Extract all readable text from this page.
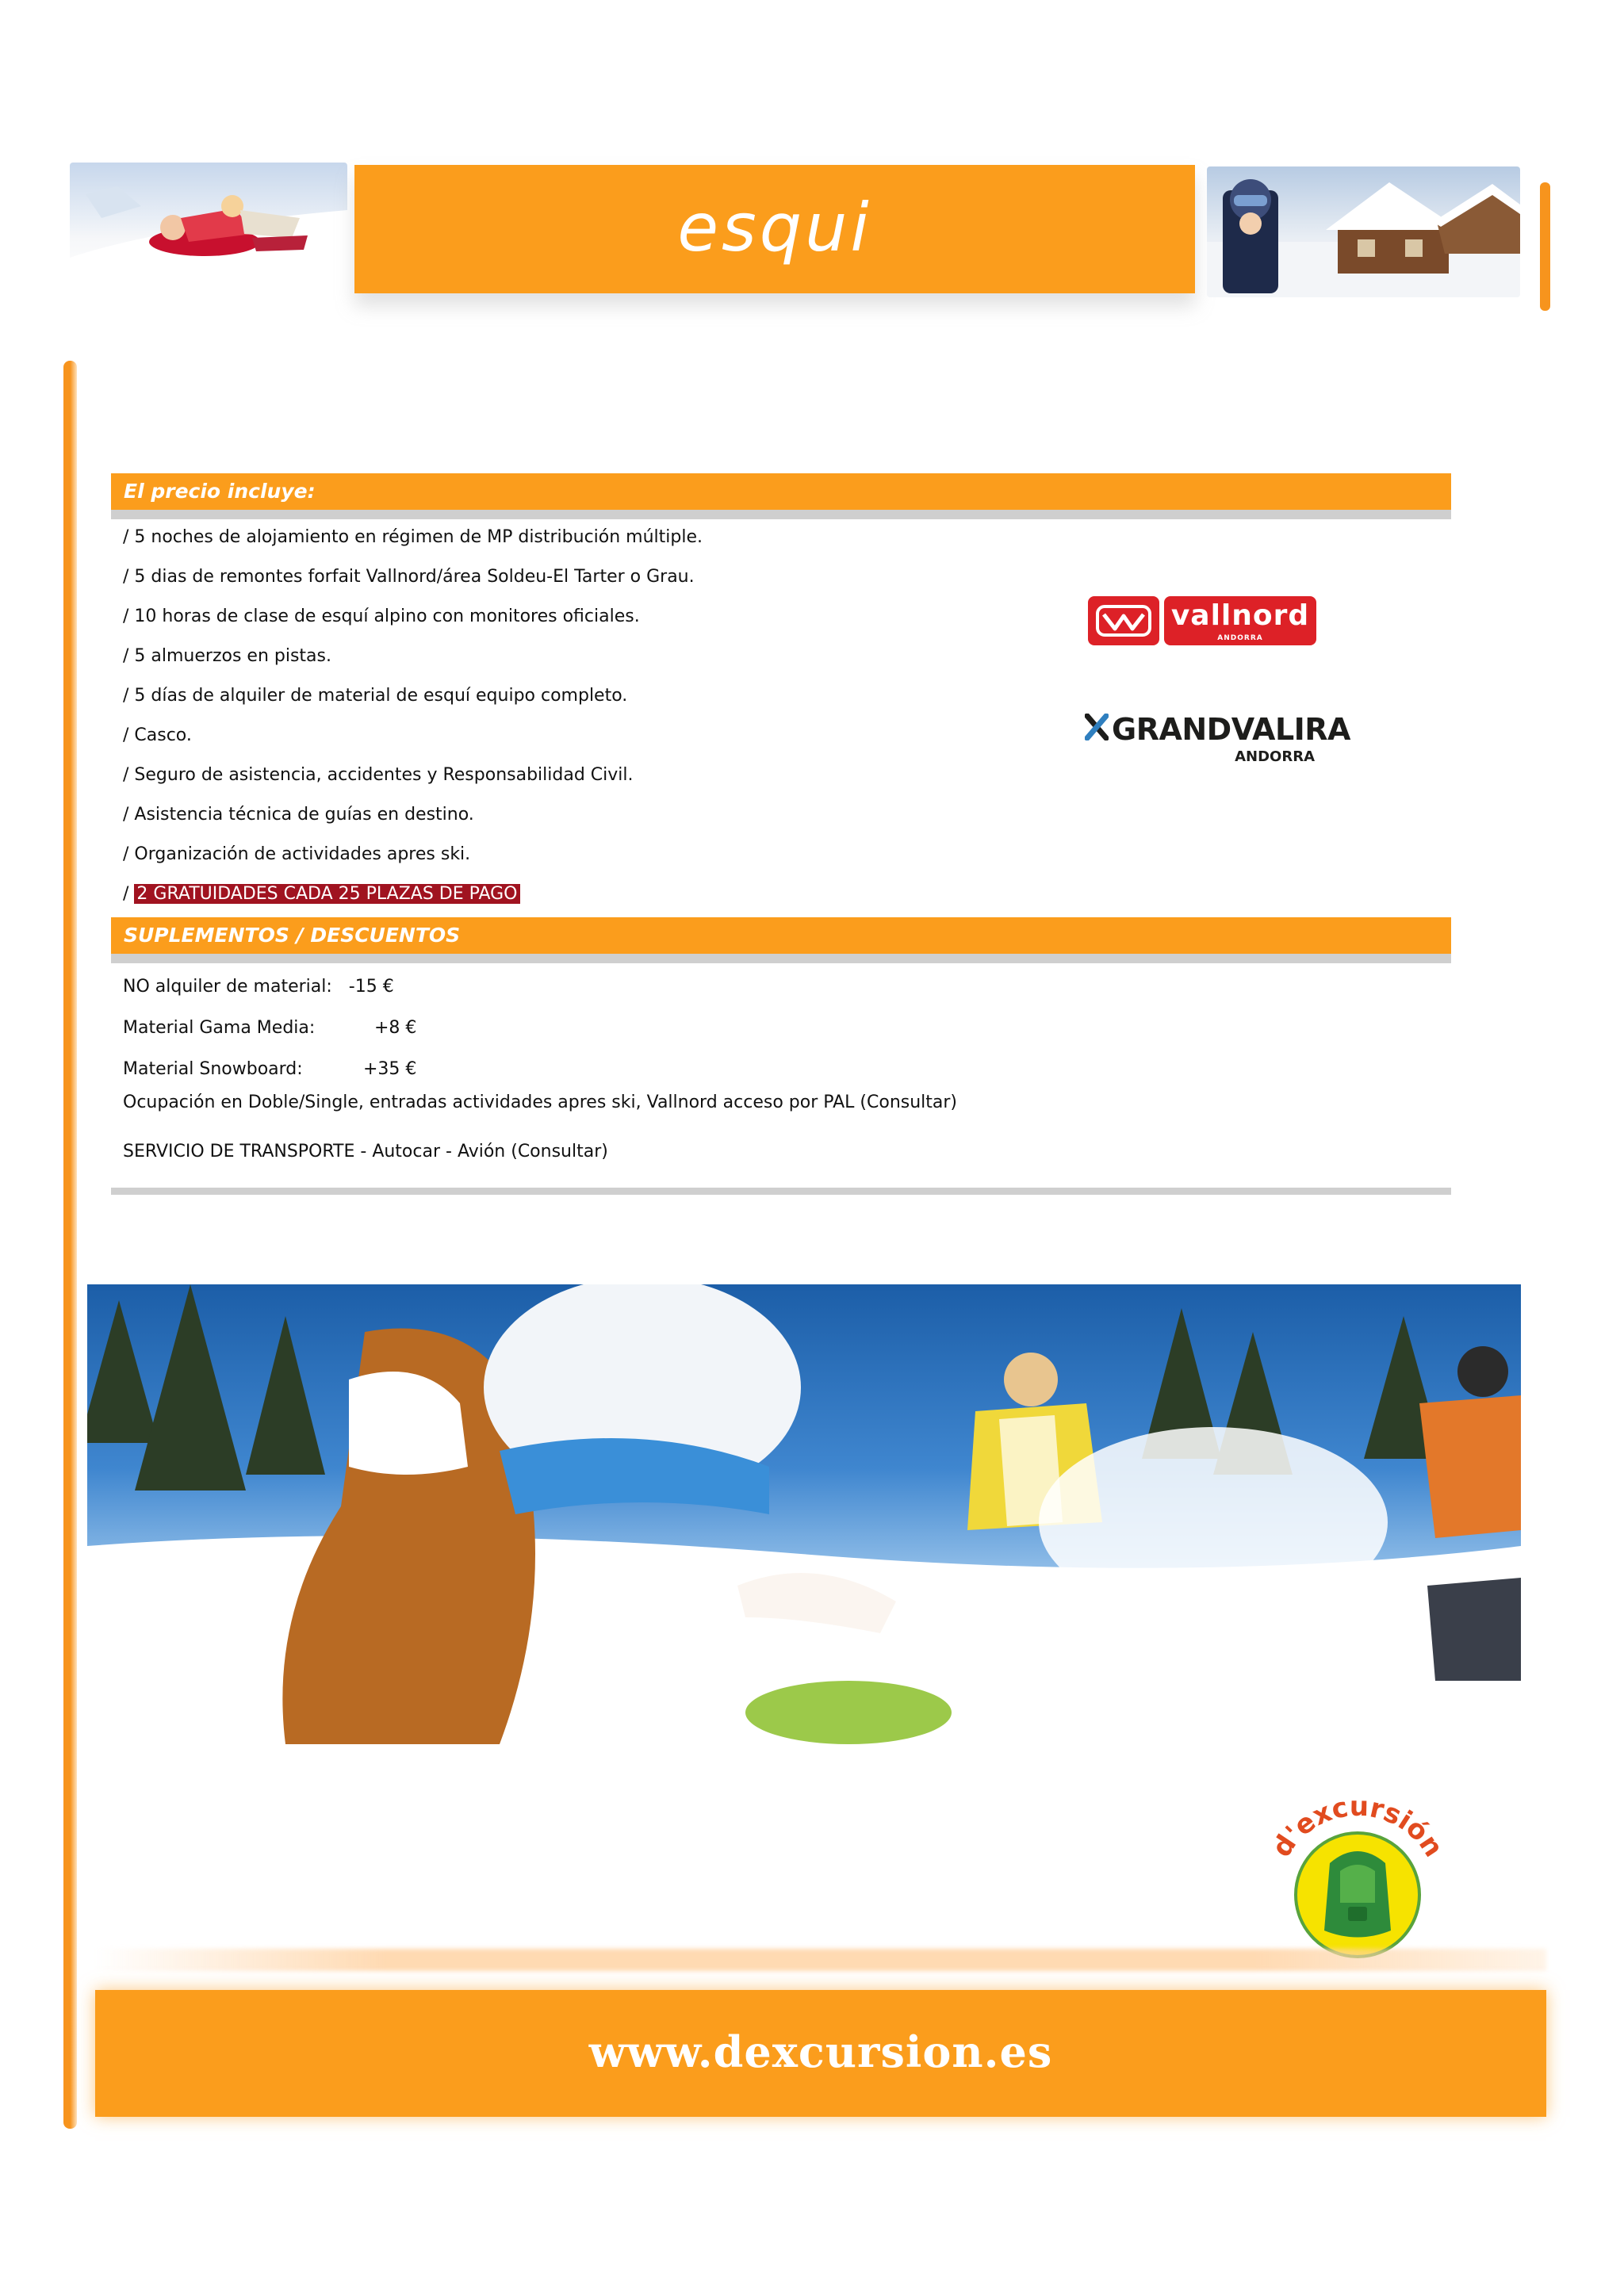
esqui
El precio incluye:
/ 5 noches de alojamiento en régimen de MP distribución múltiple.
/ 5 dias de remontes forfait Vallnord/área Soldeu-El Tarter o Grau.
/ 10 horas de clase de esquí alpino con monitores oficiales.
/ 5 almuerzos en pistas.
/ 5 días de alquiler de material de esquí equipo completo.
/ Casco.
/ Seguro de asistencia, accidentes y Responsabilidad Civil.
/ Asistencia técnica de guías en destino.
/ Organización de actividades apres ski.
/ 2 GRATUIDADES CADA 25 PLAZAS DE PAGO
vallnord
ANDORRA
GRANDVALIRA
ANDORRA
SUPLEMENTOS / DESCUENTOS
NO alquiler de material: -15 €
Material Gama Media:	+8 €
Material Snowboard:	+35 €
Ocupación en Doble/Single, entradas actividades apres ski, Vallnord acceso por PAL (Consultar)
SERVICIO DE TRANSPORTE - Autocar - Avión (Consultar)
d'excursión
www.dexcursion.es
